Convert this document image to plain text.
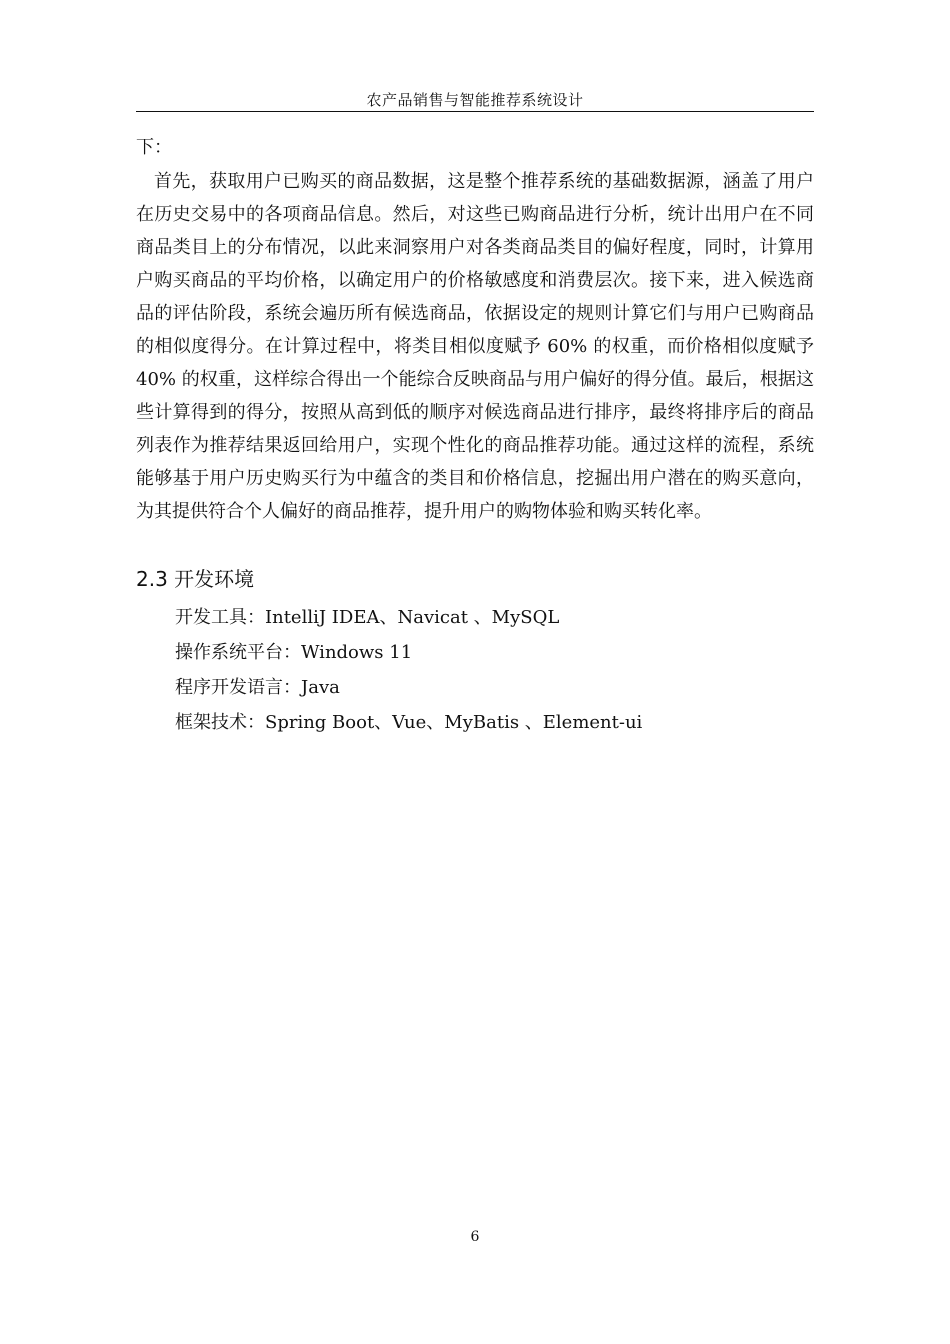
农产品销售与智能推荐系统设计
下：
首先，获取用户已购买的商品数据，这是整个推荐系统的基础数据源，涵盖了用户在历史交易中的各项商品信息。然后，对这些已购商品进行分析，统计出用户在不同商品类目上的分布情况，以此来洞察用户对各类商品类目的偏好程度，同时，计算用户购买商品的平均价格，以确定用户的价格敏感度和消费层次。接下来，进入候选商品的评估阶段，系统会遍历所有候选商品，依据设定的规则计算它们与用户已购商品的相似度得分。在计算过程中，将类目相似度赋予 60% 的权重，而价格相似度赋予 40% 的权重，这样综合得出一个能综合反映商品与用户偏好的得分值。最后，根据这些计算得到的得分，按照从高到低的顺序对候选商品进行排序，最终将排序后的商品列表作为推荐结果返回给用户，实现个性化的商品推荐功能。通过这样的流程，系统能够基于用户历史购买行为中蕴含的类目和价格信息，挖掘出用户潜在的购买意向，为其提供符合个人偏好的商品推荐，提升用户的购物体验和购买转化率。
2.3 开发环境
开发工具：IntelliJ IDEA、Navicat 、MySQL
操作系统平台：Windows 11
程序开发语言：Java
框架技术：Spring Boot、Vue、MyBatis 、Element-ui
6
